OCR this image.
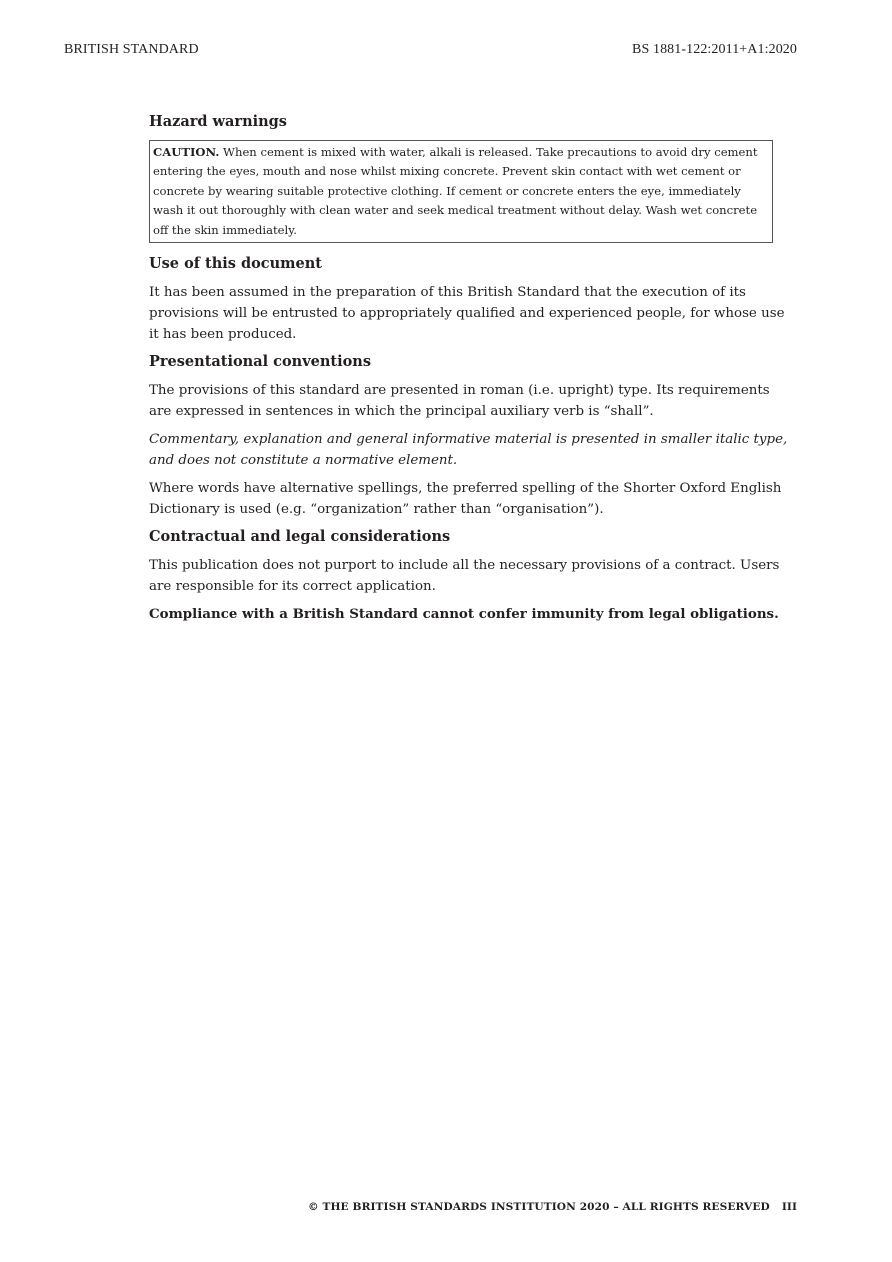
BRITISH STANDARD	BS 1881-122:2011+A1:2020
Hazard warnings
CAUTION. When cement is mixed with water, alkali is released. Take precautions to avoid dry cement entering the eyes, mouth and nose whilst mixing concrete. Prevent skin contact with wet cement or concrete by wearing suitable protective clothing. If cement or concrete enters the eye, immediately wash it out thoroughly with clean water and seek medical treatment without delay. Wash wet concrete off the skin immediately.
Use of this document

It has been assumed in the preparation of this British Standard that the execution of its provisions will be entrusted to appropriately qualified and experienced people, for whose use it has been produced.

Presentational conventions

The provisions of this standard are presented in roman (i.e. upright) type. Its requirements are expressed in sentences in which the principal auxiliary verb is “shall”.

Commentary, explanation and general informative material is presented in smaller italic type, and does not constitute a normative element.

Where words have alternative spellings, the preferred spelling of the Shorter Oxford English Dictionary is used (e.g. “organization” rather than “organisation”).

Contractual and legal considerations

This publication does not purport to include all the necessary provisions of a contract. Users are responsible for its correct application.

Compliance with a British Standard cannot confer immunity from legal obligations.

© THE BRITISH STANDARDS INSTITUTION 2020 – ALL RIGHTS RESERVED III
